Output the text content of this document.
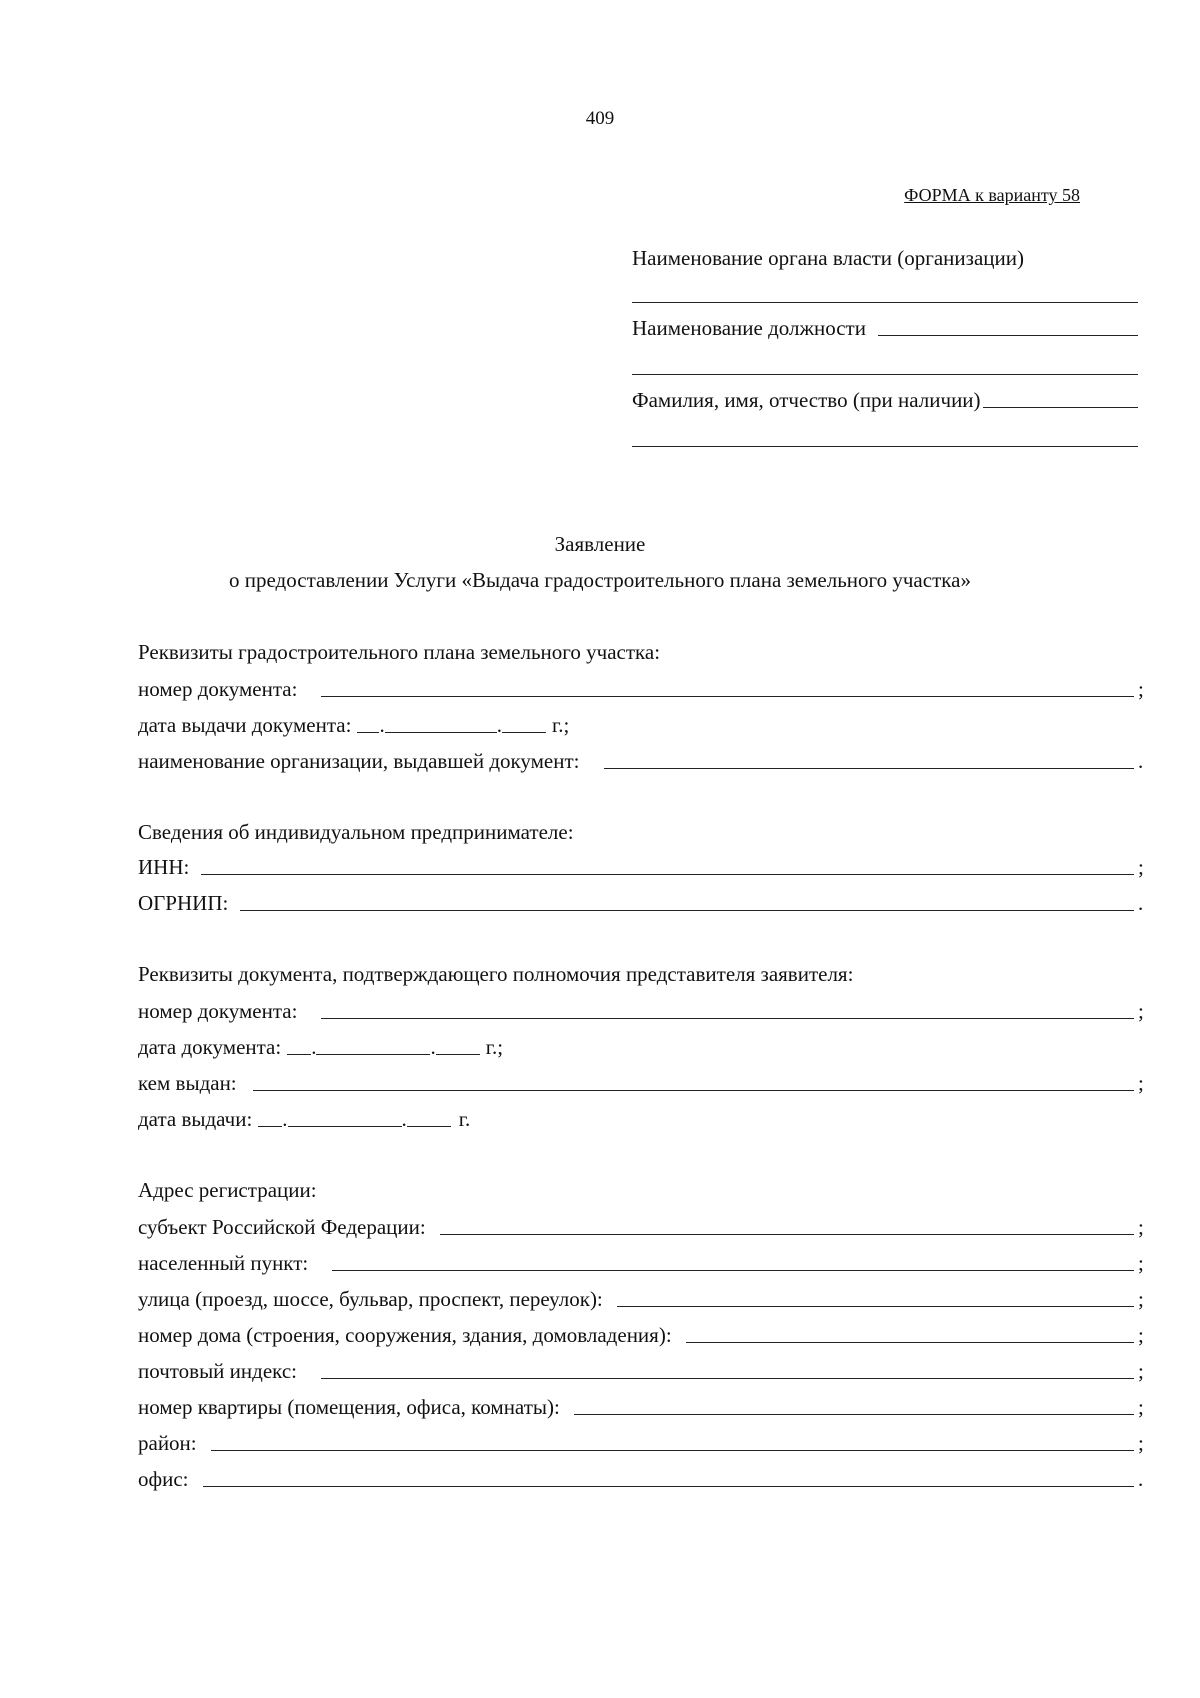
409
ФОРМА к варианту 58
Наименование органа власти (организации)
Наименование должности
Фамилия, имя, отчество (при наличии)
Заявление
о предоставлении Услуги «Выдача градостроительного плана земельного участка»
Реквизиты градостроительного плана земельного участка:
номер документа:	;
дата выдачи документа: .	. г.;
наименование организации, выдавшей документ:	.
Сведения об индивидуальном предпринимателе:
ИНН:	;
ОГРНИП:	.
Реквизиты документа, подтверждающего полномочия представителя заявителя:
номер документа:	;
дата документа: .	. г.;
кем выдан:	;
дата выдачи: .	. г.
Адрес регистрации:
субъект Российской Федерации:	;
населенный пункт:	;
улица (проезд, шоссе, бульвар, проспект, переулок):	;
номер дома (строения, сооружения, здания, домовладения):	;
почтовый индекс:	;
номер квартиры (помещения, офиса, комнаты):	;
район:	;
офис:	.
